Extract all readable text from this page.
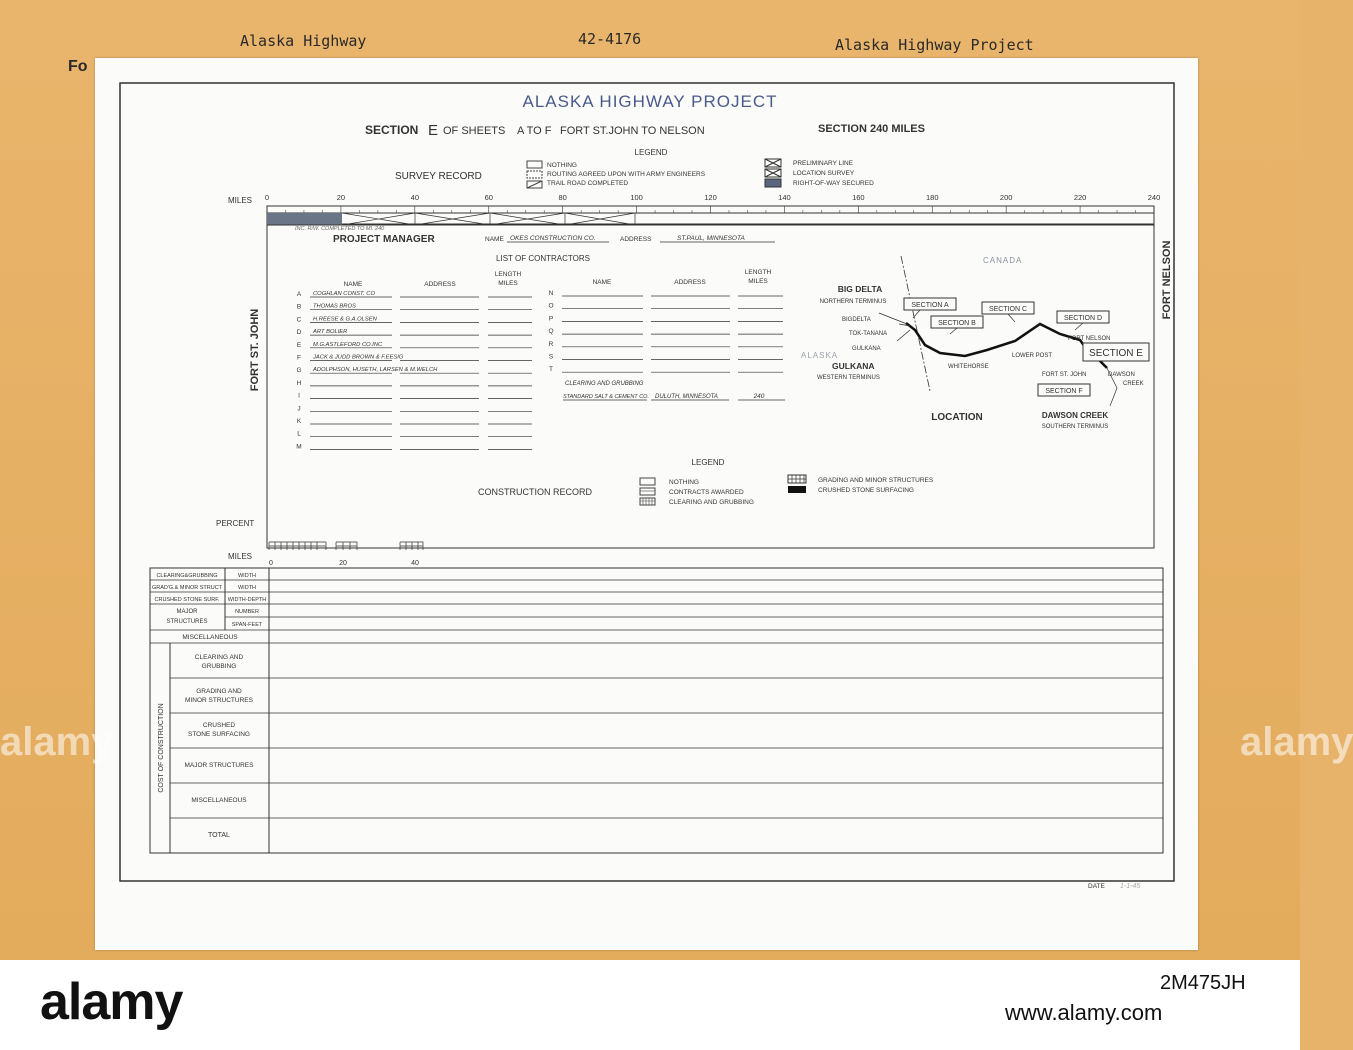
Alaska Highway	42-4176	Alaska Highway Project
Fo
ALASKA HIGHWAY PROJECT
SECTION E OF SHEETS A TO F FORT ST.JOHN TO NELSON	SECTION 240 MILES
LEGEND
SURVEY RECORD
NOTHING
ROUTING AGREED UPON WITH ARMY ENGINEERS
TRAIL ROAD COMPLETED
PRELIMINARY LINE
LOCATION SURVEY
RIGHT-OF-WAY SECURED
MILES 0	20	40	60	80	100	120	140	160	180	200	220	240
INC. R/W. COMPLETED TO MI. 240
FORT ST. JOHN
FORT NELSON
PROJECT MANAGER	NAME OKES CONSTRUCTION CO.	ADDRESS	ST.PAUL, MINNESOTA
LIST OF CONTRACTORS
NAME	ADDRESS
LENGTH
MILES	NAME	ADDRESS
LENGTH
MILES
A COGHLAN CONST. CO
B THOMAS BROS
C H.REESE & G.A.OLSEN
D ART BOLIER
E M.G.ASTLEFORD CO.INC
F JACK & JUDD BROWN & F.EESIG
G ADOLPHSON, HUSETH, LARSEN & M.WELCH
H
I
J
K
L
M
N
O
P
Q
R
S
T
CLEARING AND GRUBBING
STANDARD SALT & CEMENT CO. DULUTH, MINNESOTA	240
BIG DELTA
NORTHERN TERMINUS
BIGDELTA
TOK-TANANA
GULKANA
ALASKA
GULKANA
WESTERN TERMINUS
CANADA
SECTION A
SECTION B
SECTION C
SECTION D
SECTION E
SECTION F
WHITEHORSE
LOWER POST
FORT NELSON
FORT ST. JOHN	DAWSON
CREEK
DAWSON CREEK
SOUTHERN TERMINUS
LOCATION
LEGEND
CONSTRUCTION RECORD
NOTHING
CONTRACTS AWARDED
CLEARING AND GRUBBING
GRADING AND MINOR STRUCTURES
CRUSHED STONE SURFACING
PERCENT
MILES
0	20	40
CLEARING&GRUBBING	WIDTH
GRAD'G.& MINOR STRUCT	WIDTH
CRUSHED STONE SURF. WIDTH-DEPTH
MAJOR
STRUCTURES
NUMBER
SPAN-FEET
MISCELLANEOUS
COST OF CONSTRUCTION
CLEARING AND
GRUBBING
GRADING AND
MINOR STRUCTURES
CRUSHED
STONE SURFACING
MAJOR STRUCTURES
MISCELLANEOUS
TOTAL
DATE 1-1-45
alamy	alamy
alamy	2M475JH
www.alamy.com
